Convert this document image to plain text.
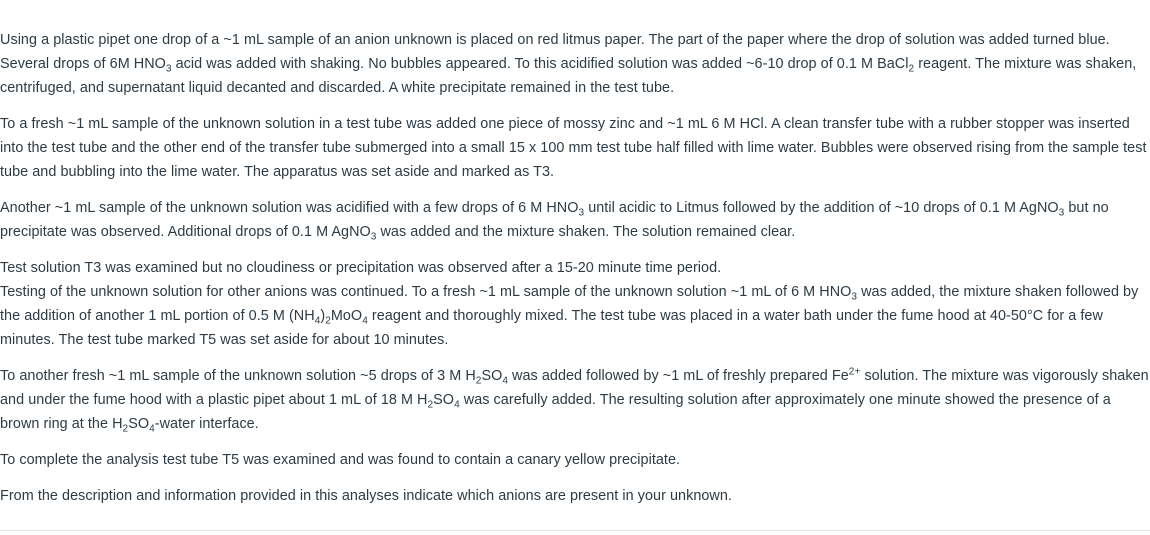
Using a plastic pipet one drop of a ~1 mL sample of an anion unknown is placed on red litmus paper. The part of the paper where the drop of solution was added turned blue. Several drops of 6M $HNO_3$ acid was added with shaking. No bubbles appeared. To this acidified solution was added ~6-10 drop of 0.1 M BaCl$_2$ reagent. The mixture was shaken, centrifuged, and supernatant liquid decanted and discarded. A white precipitate remained in the test tube.

To a fresh ~1 mL sample of the unknown solution in a test tube was added one piece of mossy zinc and ~1 mL 6 M HCl. A clean transfer tube with a rubber stopper was inserted into the test tube and the other end of the transfer tube submerged into a small 15 x 100 mm test tube half filled with lime water. Bubbles were observed rising from the sample test tube and bubbling into the lime water. The apparatus was set aside and marked as T3.

Another ~1 mL sample of the unknown solution was acidified with a few drops of 6 M $HNO_3$ until acidic to Litmus followed by the addition of ~10 drops of 0.1 M AgNO$_3$ but no precipitate was observed. Additional drops of 0.1 M AgNO$_3$ was added and the mixture shaken. The solution remained clear.

Test solution T3 was examined but no cloudiness or precipitation was observed after a 15-20 minute time period.

Testing of the unknown solution for other anions was continued. To a fresh ~1 mL sample of the unknown solution ~1 mL of 6 M $HNO_3$ was added, the mixture shaken followed by the addition of another 1 mL portion of 0.5 M $(NH_4)_2MoO_4$ reagent and thoroughly mixed. The test tube was placed in a water bath under the fume hood at 40-50°C for a few minutes. The test tube marked T5 was set aside for about 10 minutes.

To another fresh ~1 mL sample of the unknown solution ~5 drops of 3 M $H_2SO_4$ was added followed by ~1 mL of freshly prepared $Fe^{2+}$ solution. The mixture was vigorously shaken and under the fume hood with a plastic pipet about 1 mL of 18 M $H_2SO_4$ was carefully added. The resulting solution after approximately one minute showed the presence of a brown ring at the $H_2SO_4$-water interface.

To complete the analysis test tube T5 was examined and was found to contain a canary yellow precipitate.

From the description and information provided in this analyses indicate which anions are present in your unknown.
